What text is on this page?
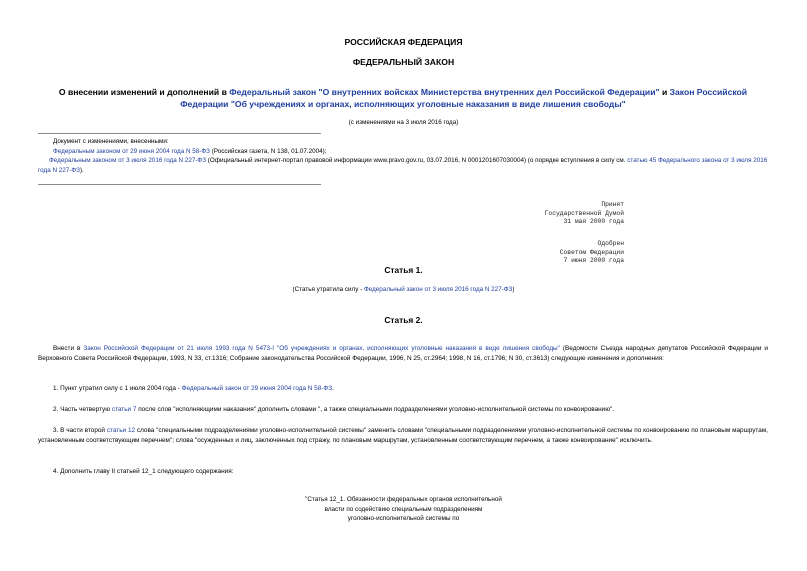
РОССИЙСКАЯ ФЕДЕРАЦИЯ
ФЕДЕРАЛЬНЫЙ ЗАКОН
О внесении изменений и дополнений в Федеральный закон "О внутренних войсках Министерства внутренних дел Российской Федерации" и Закон Российской Федерации "Об учреждениях и органах, исполняющих уголовные наказания в виде лишения свободы"
(с изменениями на 3 июля 2016 года)
Документ с изменениями, внесенными:
Федеральным законом от 29 июня 2004 года N 58-ФЗ (Российская газета, N 138, 01.07.2004);
Федеральным законом от 3 июля 2016 года N 227-ФЗ (Официальный интернет-портал правовой информации www.pravo.gov.ru, 03.07.2016, N 0001201607030004) (о порядке вступления в силу см. статью 45 Федерального закона от 3 июля 2016 года N 227-ФЗ).
Принят
Государственной Думой
31 мая 2000 года
Одобрен
Советом Федерации
7 июня 2000 года
Статья 1.
(Статья утратила силу - Федеральный закон от 3 июля 2016 года N 227-ФЗ)
Статья 2.
Внести в Закон Российской Федерации от 21 июля 1993 года N 5473-I "Об учреждениях и органах, исполняющих уголовные наказания в виде лишения свободы" (Ведомости Съезда народных депутатов Российской Федерации и Верховного Совета Российской Федерации, 1993, N 33, ст.1316; Собрание законодательства Российской Федерации, 1996, N 25, ст.2964; 1998, N 16, ст.1796; N 30, ст.3613) следующие изменения и дополнения:
1. Пункт утратил силу с 1 июля 2004 года - Федеральный закон от 29 июня 2004 года N 58-ФЗ.
2. Часть четвертую статьи 7 после слов "исполняющими наказания" дополнить словами ", а также специальными подразделениями уголовно-исполнительной системы по конвоированию".
3. В части второй статьи 12 слова "специальными подразделениями уголовно-исполнительной системы" заменить словами "специальными подразделениями уголовно-исполнительной системы по конвоированию по плановым маршрутам, установленным соответствующим перечнем"; слова "осужденных и лиц, заключенных под стражу, по плановым маршрутам, установленным соответствующим перечнем, а также конвоирование" исключить.
4. Дополнить главу II статьей 12_1 следующего содержания:
"Статья 12_1. Обязанности федеральных органов исполнительной
власти по содействию специальным подразделениям
уголовно-исполнительной системы по
